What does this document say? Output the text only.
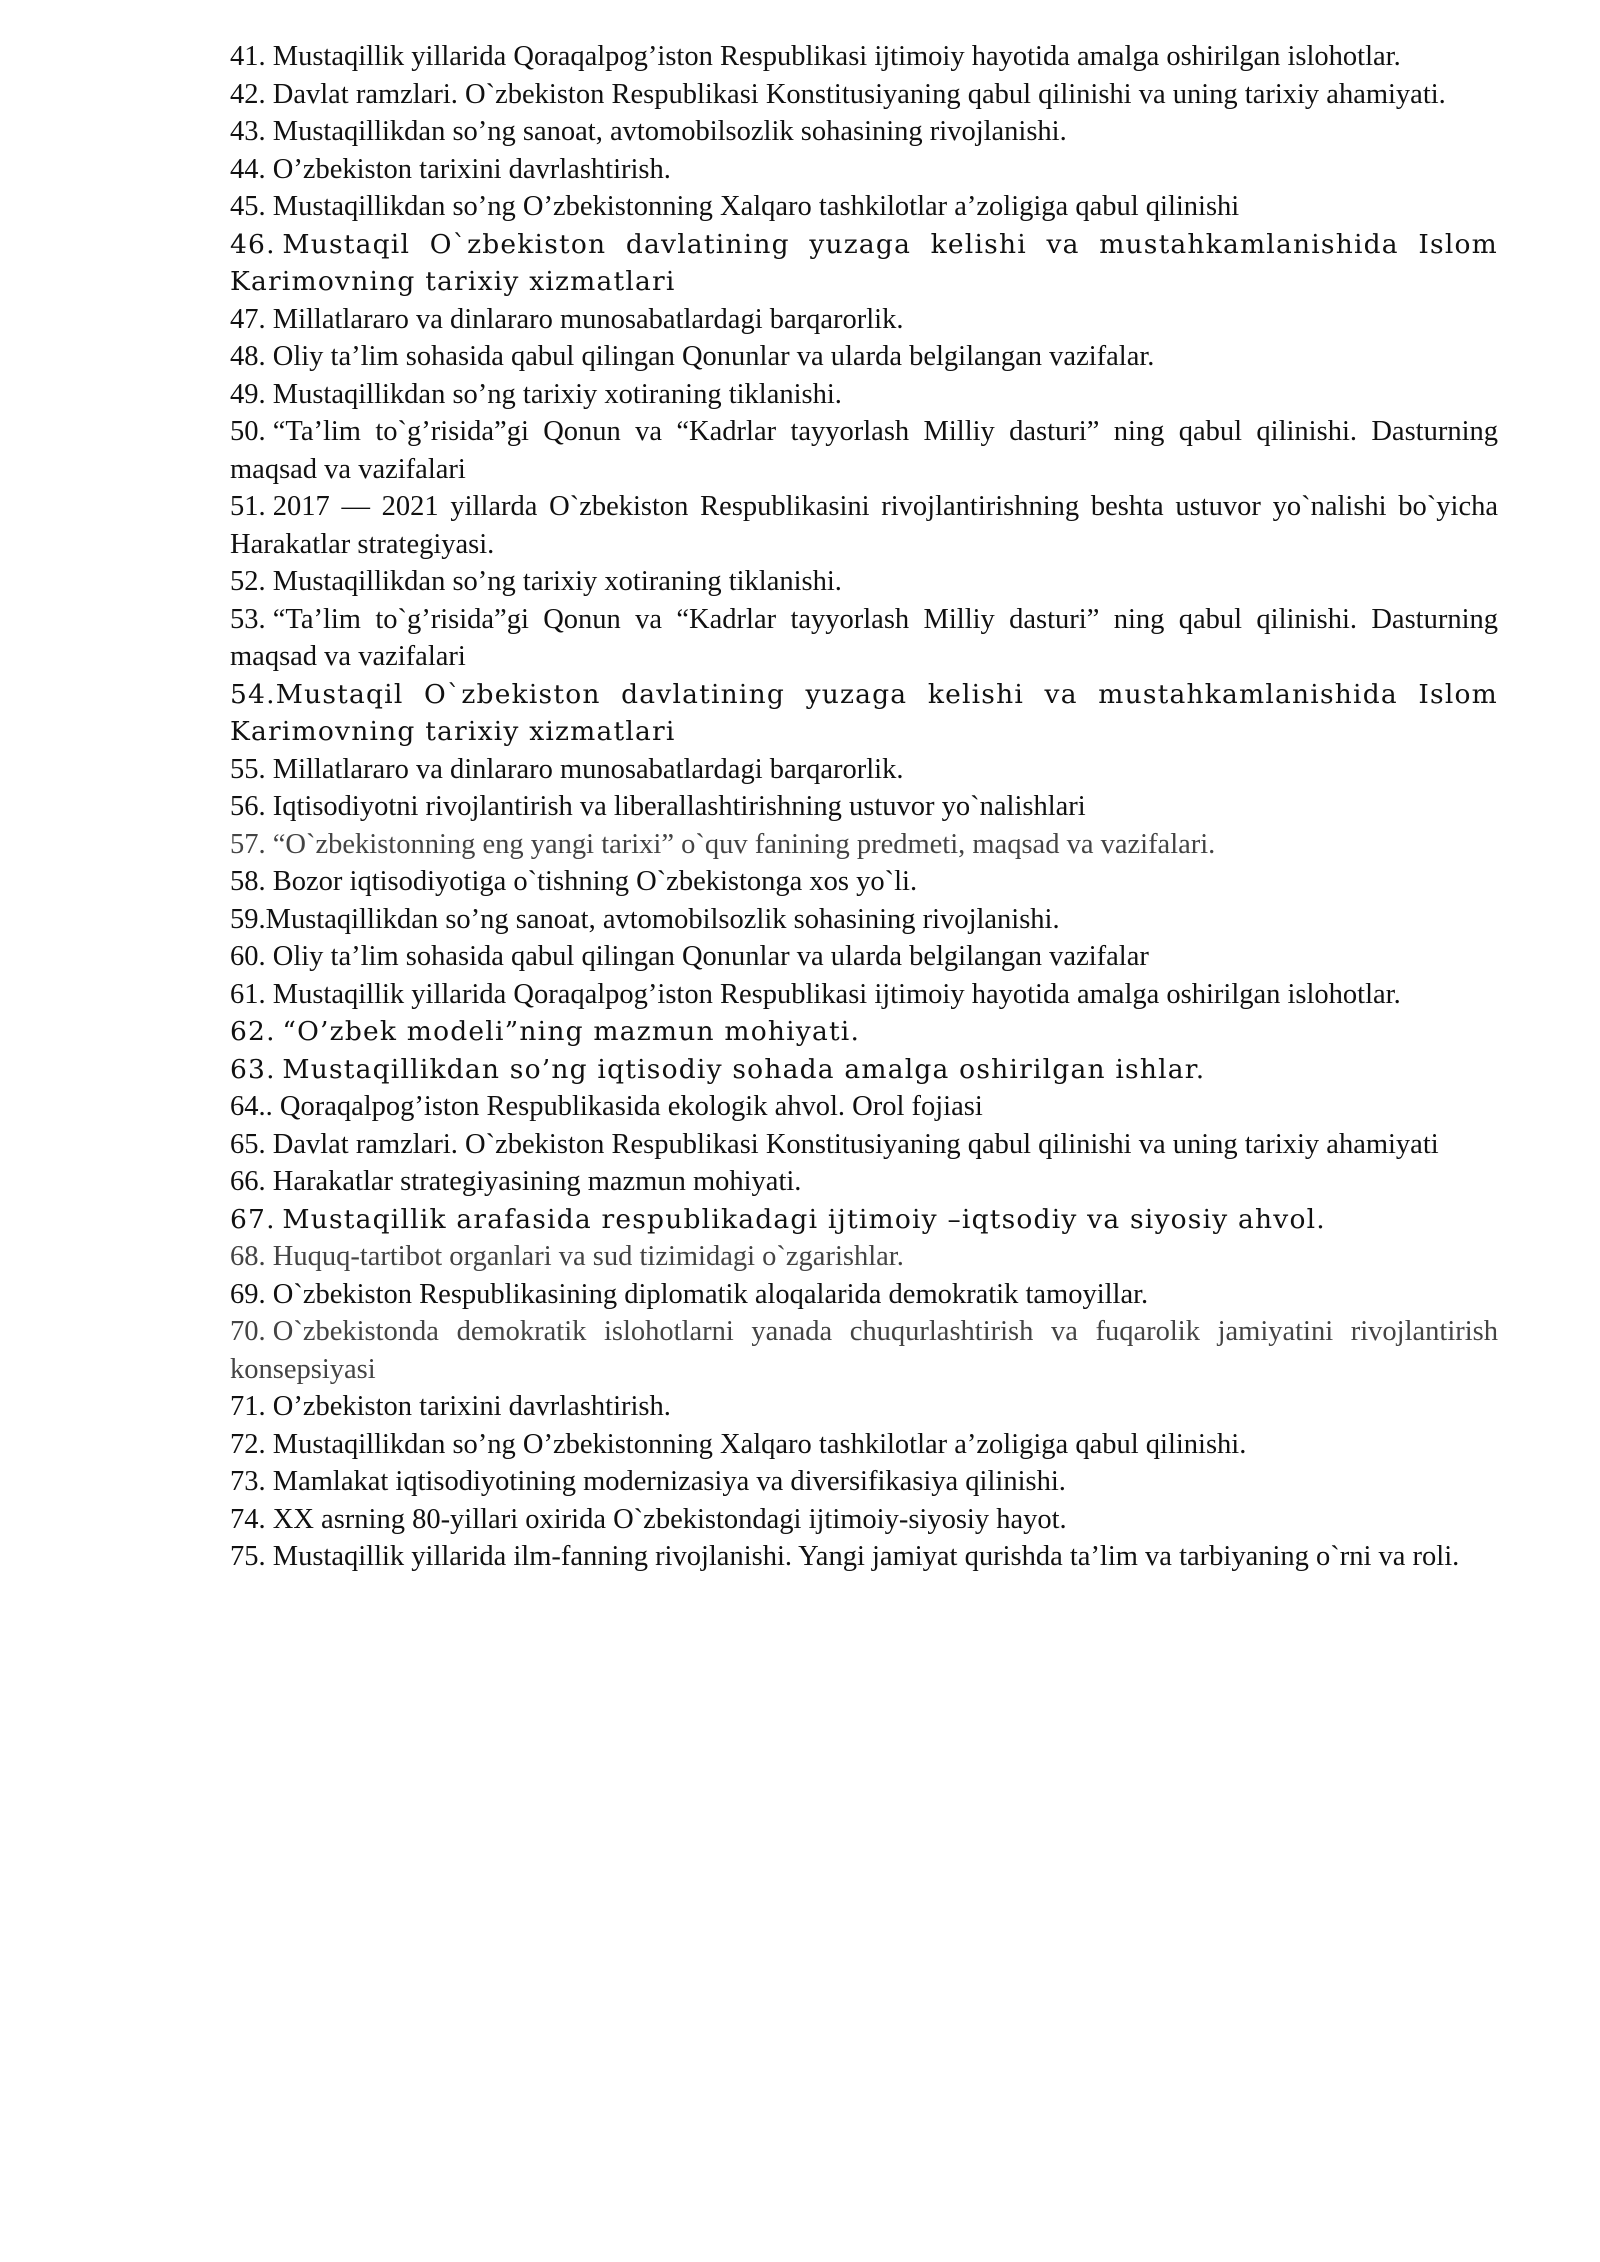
41. Mustaqillik yillarida Qoraqalpog’iston Respublikasi ijtimoiy hayotida amalga oshirilgan islohotlar.

42. Davlat ramzlari. O`zbekiston Respublikasi Konstitusiyaning qabul qilinishi va uning tarixiy ahamiyati.

43. Mustaqillikdan so’ng sanoat, avtomobilsozlik sohasining rivojlanishi.

44. O’zbekiston tarixini davrlashtirish.

45. Mustaqillikdan so’ng O’zbekistonning Xalqaro tashkilotlar a’zoligiga qabul qilinishi

46. Mustaqil O`zbekiston davlatining yuzaga kelishi va mustahkamlanishida Islom Karimovning tarixiy xizmatlari

47. Millatlararo va dinlararo munosabatlardagi barqarorlik.

48. Oliy ta’lim sohasida qabul qilingan Qonunlar va ularda belgilangan vazifalar.

49. Mustaqillikdan so’ng tarixiy xotiraning tiklanishi.

50. “Ta’lim to`g’risida”gi Qonun va “Kadrlar tayyorlash Milliy dasturi” ning qabul qilinishi. Dasturning maqsad va vazifalari

51. 2017 — 2021 yillarda O`zbekiston Respublikasini rivojlantirishning beshta ustuvor yo`nalishi bo`yicha Harakatlar strategiyasi.

52. Mustaqillikdan so’ng tarixiy xotiraning tiklanishi.

53. “Ta’lim to`g’risida”gi Qonun va “Kadrlar tayyorlash Milliy dasturi” ning qabul qilinishi. Dasturning maqsad va vazifalari

54.Mustaqil O`zbekiston davlatining yuzaga kelishi va mustahkamlanishida Islom Karimovning tarixiy xizmatlari

55. Millatlararo va dinlararo munosabatlardagi barqarorlik.

56. Iqtisodiyotni rivojlantirish va liberallashtirishning ustuvor yo`nalishlari

57. “O`zbekistonning eng yangi tarixi” o`quv fanining predmeti, maqsad va vazifalari.

58. Bozor iqtisodiyotiga o`tishning O`zbekistonga xos yo`li.

59.Mustaqillikdan so’ng sanoat, avtomobilsozlik sohasining rivojlanishi.

60. Oliy ta’lim sohasida qabul qilingan Qonunlar va ularda belgilangan vazifalar

61. Mustaqillik yillarida Qoraqalpog’iston Respublikasi ijtimoiy hayotida amalga oshirilgan islohotlar.

62. “O’zbek modeli”ning mazmun mohiyati.

63. Mustaqillikdan so’ng iqtisodiy sohada amalga oshirilgan ishlar.

64.. Qoraqalpog’iston Respublikasida ekologik ahvol. Orol fojiasi

65. Davlat ramzlari. O`zbekiston Respublikasi Konstitusiyaning qabul qilinishi va uning tarixiy ahamiyati

66. Harakatlar strategiyasining mazmun mohiyati.

67. Mustaqillik arafasida respublikadagi ijtimoiy –iqtsodiy va siyosiy ahvol.

68. Huquq-tartibot organlari va sud tizimidagi o`zgarishlar.

69. O`zbekiston Respublikasining diplomatik aloqalarida demokratik tamoyillar.

70. O`zbekistonda demokratik islohotlarni yanada chuqurlashtirish va fuqarolik jamiyatini rivojlantirish konsepsiyasi

71. O’zbekiston tarixini davrlashtirish.

72. Mustaqillikdan so’ng O’zbekistonning Xalqaro tashkilotlar a’zoligiga qabul qilinishi.

73. Mamlakat iqtisodiyotining modernizasiya va diversifikasiya qilinishi.

74. XX asrning 80-yillari oxirida O`zbekistondagi ijtimoiy-siyosiy hayot.

75. Mustaqillik yillarida ilm-fanning rivojlanishi. Yangi jamiyat qurishda ta’lim va tarbiyaning o`rni va roli.
